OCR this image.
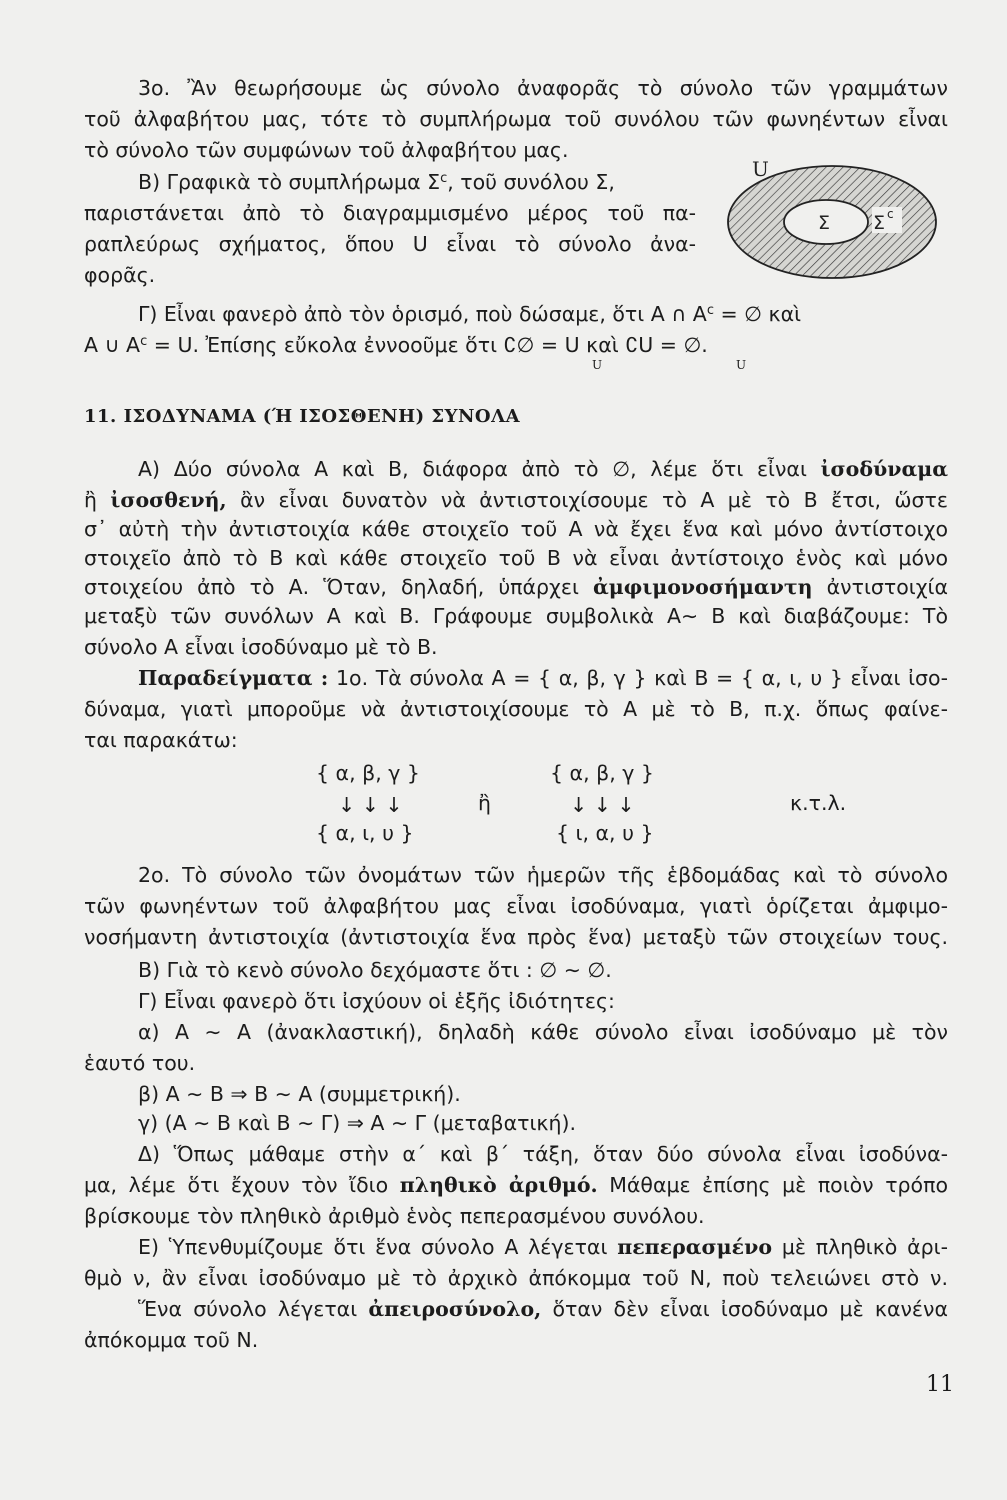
3ο. Ἂν θεωρήσουμε ὡς σύνολο ἀναφορᾶς τὸ σύνολο τῶν γραμμάτων
τοῦ ἀλφαβήτου μας, τότε τὸ συμπλήρωμα τοῦ συνόλου τῶν φωνηέντων εἶναι
τὸ σύνολο τῶν συμφώνων τοῦ ἀλφαβήτου μας.
Β) Γραφικὰ τὸ συμπλήρωμα $\Sigma^c$, τοῦ συνόλου Σ,
παριστάνεται ἀπὸ τὸ διαγραμμισμένο μέρος τοῦ πα-
ραπλεύρως σχήματος, ὅπου U εἶναι τὸ σύνολο ἀνα-
φορᾶς.
U
Σ Σ c
Γ) Εἶναι φανερὸ ἀπὸ τὸν ὁρισμό, ποὺ δώσαμε, ὅτι A ∩ $A^c$ = ∅ καὶ
A ∪ $A^c = U$. Ἐπίσης εὔκολα ἐννοοῦμε ὅτι ∁∅ = U καὶ ∁U = ∅.
U	U
11. ΙΣΟΔΥΝΑΜΑ (Ή ΙΣΟΣΘΕΝΗ) ΣΥΝΟΛΑ
Α) Δύο σύνολα Α καὶ Β, διάφορα ἀπὸ τὸ ∅, λέμε ὅτι εἶναι ἰσοδύναμα
ἢ ἰσοσθενή, ἂν εἶναι δυνατὸν νὰ ἀντιστοιχίσουμε τὸ Α μὲ τὸ Β ἔτσι, ὥστε
σ᾽ αὐτὴ τὴν ἀντιστοιχία κάθε στοιχεῖο τοῦ Α νὰ ἔχει ἕνα καὶ μόνο ἀντίστοιχο
στοιχεῖο ἀπὸ τὸ Β καὶ κάθε στοιχεῖο τοῦ Β νὰ εἶναι ἀντίστοιχο ἑνὸς καὶ μόνο
στοιχείου ἀπὸ τὸ Α. Ὅταν, δηλαδή, ὑπάρχει ἀμφιμονοσήμαντη ἀντιστοιχία
μεταξὺ τῶν συνόλων Α καὶ Β. Γράφουμε συμβολικὰ Α∼ Β καὶ διαβάζουμε: Τὸ
σύνολο Α εἶναι ἰσοδύναμο μὲ τὸ Β.
Παραδείγματα : 1ο. Τὰ σύνολα Α = { α, β, γ } καὶ Β = { α, ι, υ } εἶναι ἰσο-
δύναμα, γιατὶ μποροῦμε νὰ ἀντιστοιχίσουμε τὸ Α μὲ τὸ Β, π.χ. ὅπως φαίνε-
ται παρακάτω:
{ α, β, γ }
↓ ↓ ↓
{ α, ι, υ }
ἢ
{ α, β, γ }
↓ ↓ ↓
{ ι, α, υ }
κ.τ.λ.
2ο. Τὸ σύνολο τῶν ὀνομάτων τῶν ἡμερῶν τῆς ἑβδομάδας καὶ τὸ σύνολο
τῶν φωνηέντων τοῦ ἀλφαβήτου μας εἶναι ἰσοδύναμα, γιατὶ ὁρίζεται ἀμφιμο-
νοσήμαντη ἀντιστοιχία (ἀντιστοιχία ἕνα πρὸς ἕνα) μεταξὺ τῶν στοιχείων τους.
Β) Γιὰ τὸ κενὸ σύνολο δεχόμαστε ὅτι : ∅ ∼ ∅.
Γ) Εἶναι φανερὸ ὅτι ἰσχύουν οἱ ἑξῆς ἰδιότητες:
α) Α ∼ Α (ἀνακλαστική), δηλαδὴ κάθε σύνολο εἶναι ἰσοδύναμο μὲ τὸν
ἑαυτό του.
β) Α ∼ Β ⇒ Β ∼ Α (συμμετρική).
γ) (Α ∼ Β καὶ Β ∼ Γ) ⇒ Α ∼ Γ (μεταβατική).
Δ) Ὅπως μάθαμε στὴν α΄ καὶ β΄ τάξη, ὅταν δύο σύνολα εἶναι ἰσοδύνα-
μα, λέμε ὅτι ἔχουν τὸν ἴδιο πληθικὸ ἀριθμό. Μάθαμε ἐπίσης μὲ ποιὸν τρόπο
βρίσκουμε τὸν πληθικὸ ἀριθμὸ ἑνὸς πεπερασμένου συνόλου.
Ε) Ὑπενθυμίζουμε ὅτι ἕνα σύνολο Α λέγεται πεπερασμένο μὲ πληθικὸ ἀρι-
θμὸ ν, ἂν εἶναι ἰσοδύναμο μὲ τὸ ἀρχικὸ ἀπόκομμα τοῦ Ν, ποὺ τελειώνει στὸ ν.
Ἕνα σύνολο λέγεται ἀπειροσύνολο, ὅταν δὲν εἶναι ἰσοδύναμο μὲ κανένα
ἀπόκομμα τοῦ Ν.
11
